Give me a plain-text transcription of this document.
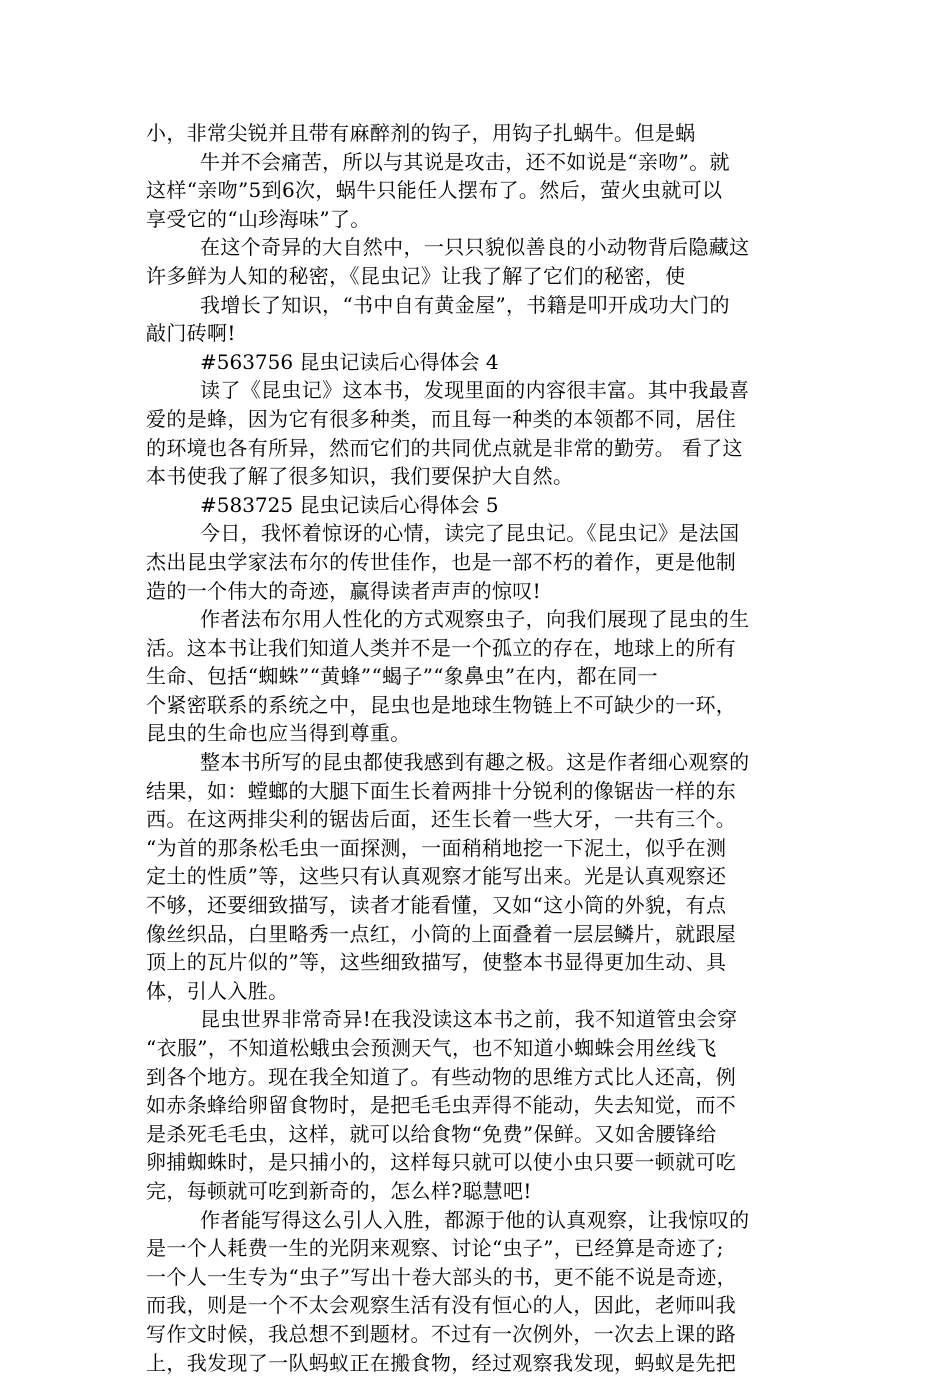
小，非常尖锐并且带有麻醉剂的钩子，用钩子扎蜗牛。但是蜗
牛并不会痛苦，所以与其说是攻击，还不如说是“亲吻”。就
这样“亲吻”5到6次，蜗牛只能任人摆布了。然后，萤火虫就可以
享受它的“山珍海味”了。
在这个奇异的大自然中，一只只貌似善良的小动物背后隐藏这
许多鲜为人知的秘密，《昆虫记》让我了解了它们的秘密，使
我增长了知识，“书中自有黄金屋”，书籍是叩开成功大门的
敲门砖啊!
#563756 昆虫记读后心得体会 4
读了《昆虫记》这本书，发现里面的内容很丰富。其中我最喜
爱的是蜂，因为它有很多种类，而且每一种类的本领都不同，居住
的环境也各有所异，然而它们的共同优点就是非常的勤劳。 看了这
本书使我了解了很多知识，我们要保护大自然。
#583725 昆虫记读后心得体会 5
今日，我怀着惊讶的心情，读完了昆虫记。《昆虫记》是法国
杰出昆虫学家法布尔的传世佳作，也是一部不朽的着作，更是他制
造的一个伟大的奇迹，赢得读者声声的惊叹!
作者法布尔用人性化的方式观察虫子，向我们展现了昆虫的生
活。这本书让我们知道人类并不是一个孤立的存在，地球上的所有
生命、包括“蜘蛛”“黄蜂”“蝎子”“象鼻虫”在内，都在同一
个紧密联系的系统之中，昆虫也是地球生物链上不可缺少的一环，
昆虫的生命也应当得到尊重。
整本书所写的昆虫都使我感到有趣之极。这是作者细心观察的
结果，如：螳螂的大腿下面生长着两排十分锐利的像锯齿一样的东
西。在这两排尖利的锯齿后面，还生长着一些大牙，一共有三个。
“为首的那条松毛虫一面探测，一面稍稍地挖一下泥土，似乎在测
定土的性质”等，这些只有认真观察才能写出来。光是认真观察还
不够，还要细致描写，读者才能看懂，又如“这小筒的外貌，有点
像丝织品，白里略秀一点红，小筒的上面叠着一层层鳞片，就跟屋
顶上的瓦片似的”等，这些细致描写，使整本书显得更加生动、具
体，引人入胜。
昆虫世界非常奇异!在我没读这本书之前，我不知道管虫会穿
“衣服”，不知道松蛾虫会预测天气，也不知道小蜘蛛会用丝线飞
到各个地方。现在我全知道了。有些动物的思维方式比人还高，例
如赤条蜂给卵留食物时，是把毛毛虫弄得不能动，失去知觉，而不
是杀死毛毛虫，这样，就可以给食物“免费”保鲜。又如舍腰锋给
卵捕蜘蛛时，是只捕小的，这样每只就可以使小虫只要一顿就可吃
完，每顿就可吃到新奇的，怎么样?聪慧吧!
作者能写得这么引人入胜，都源于他的认真观察，让我惊叹的
是一个人耗费一生的光阴来观察、讨论“虫子”，已经算是奇迹了;
一个人一生专为“虫子”写出十卷大部头的书，更不能不说是奇迹，
而我，则是一个不太会观察生活有没有恒心的人，因此，老师叫我
写作文时候，我总想不到题材。不过有一次例外，一次去上课的路
上，我发现了一队蚂蚁正在搬食物，经过观察我发现，蚂蚁是先把
